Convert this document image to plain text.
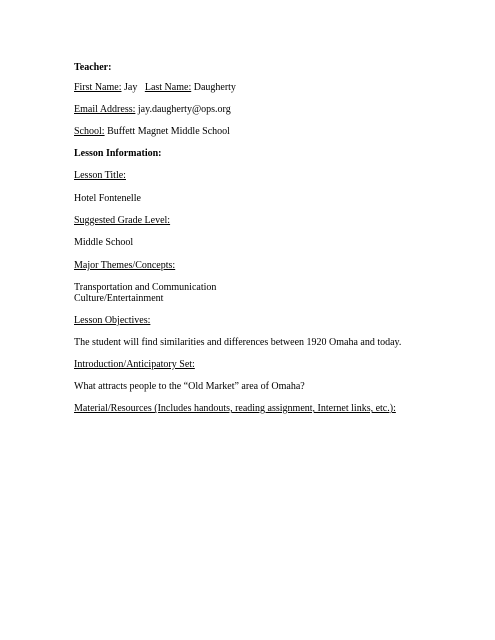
Teacher:

First Name: Jay Last Name: Daugherty

Email Address: jay.daugherty@ops.org

School: Buffett Magnet Middle School

Lesson Information:

Lesson Title:

Hotel Fontenelle

Suggested Grade Level:

Middle School

Major Themes/Concepts:

Transportation and Communication

Culture/Entertainment

Lesson Objectives:

The student will find similarities and differences between 1920 Omaha and today.

Introduction/Anticipatory Set:

What attracts people to the “Old Market” area of Omaha?

Material/Resources (Includes handouts, reading assignment, Internet links, etc.):
